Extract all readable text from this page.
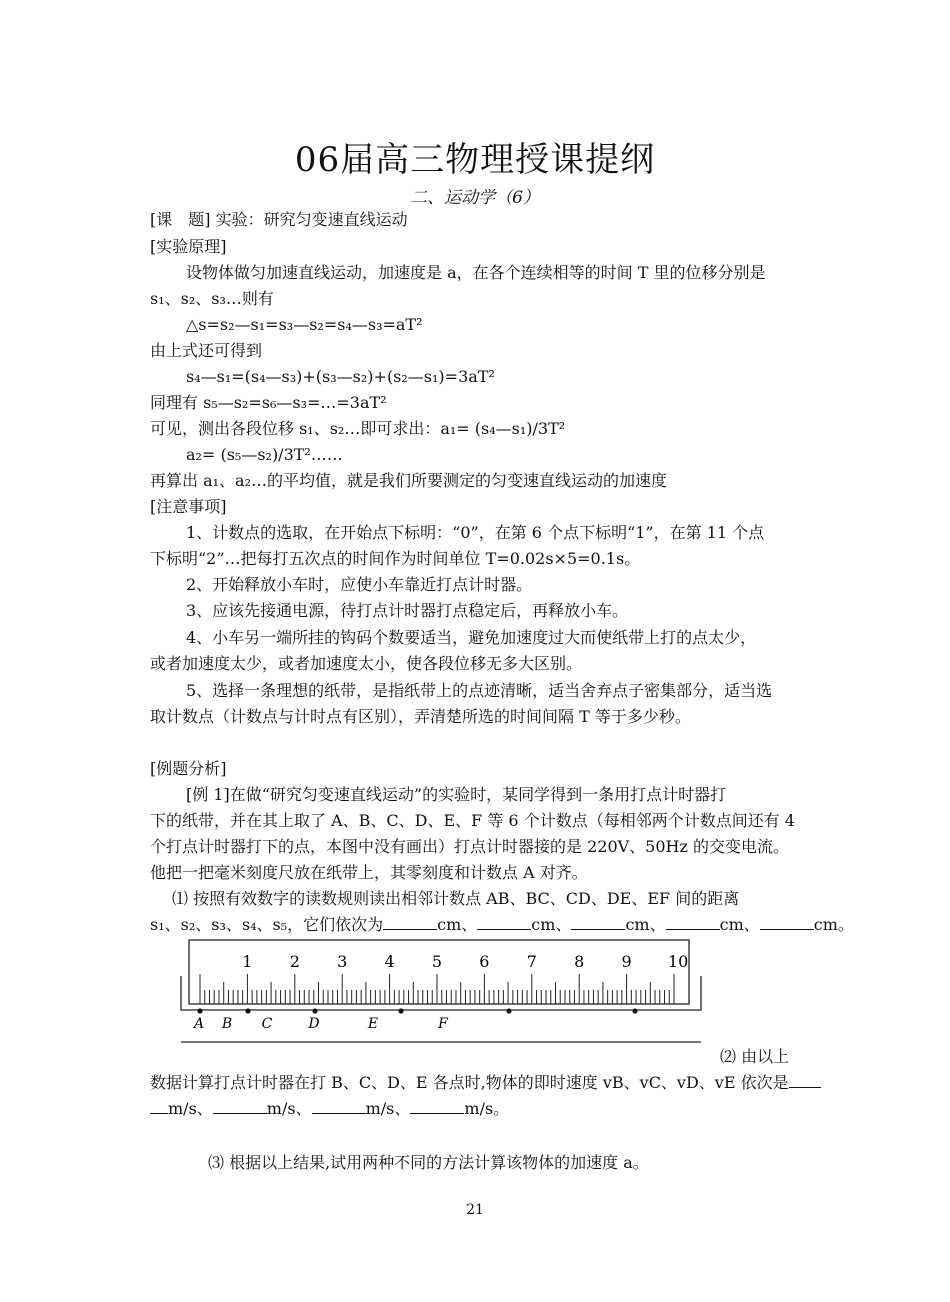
06届高三物理授课提纲
二、运动学（6）
[课　题] 实验：研究匀变速直线运动
[实验原理]
设物体做匀加速直线运动，加速度是 a，在各个连续相等的时间 T 里的位移分别是
s₁、s₂、s₃…则有
△s=s₂—s₁=s₃—s₂=s₄—s₃=aT²
由上式还可得到
s₄—s₁=(s₄—s₃)+(s₃—s₂)+(s₂—s₁)=3aT²
同理有 s₅—s₂=s₆—s₃=…=3aT²
可见，测出各段位移 s₁、s₂…即可求出：a₁= (s₄—s₁)/3T²
a₂= (s₅—s₂)/3T²……
再算出 a₁、a₂…的平均值，就是我们所要测定的匀变速直线运动的加速度
[注意事项]
1、计数点的选取，在开始点下标明：“0”，在第 6 个点下标明“1”，在第 11 个点
下标明“2”…把每打五次点的时间作为时间单位 T=0.02s×5=0.1s。
2、开始释放小车时，应使小车靠近打点计时器。
3、应该先接通电源，待打点计时器打点稳定后，再释放小车。
4、小车另一端所挂的钩码个数要适当，避免加速度过大而使纸带上打的点太少，
或者加速度太少，或者加速度太小，使各段位移无多大区别。
5、选择一条理想的纸带，是指纸带上的点迹清晰，适当舍弃点子密集部分，适当选
取计数点（计数点与计时点有区别），弄清楚所选的时间间隔 T 等于多少秒。
[例题分析]
[例 1]在做“研究匀变速直线运动”的实验时，某同学得到一条用打点计时器打
下的纸带，并在其上取了 A、B、C、D、E、F 等 6 个计数点（每相邻两个计数点间还有 4
个打点计时器打下的点，本图中没有画出）打点计时器接的是 220V、50Hz 的交变电流。
他把一把毫米刻度尺放在纸带上，其零刻度和计数点 A 对齐。
⑴ 按照有效数字的读数规则读出相邻计数点 AB、BC、CD、DE、EF 间的距离
s₁、s₂、s₃、s₄、s₅，它们依次为	cm、	cm、	cm、	cm、	cm。
1 2 3 4 5 6 7 8 9 10
A B C	D	E	F
⑵ 由以上
数据计算打点计时器在打 B、C、D、E 各点时,物体的即时速度 vB、vC、vD、vE 依次是
m/s、	m/s、	m/s、	m/s。
⑶ 根据以上结果,试用两种不同的方法计算该物体的加速度 a。
21
